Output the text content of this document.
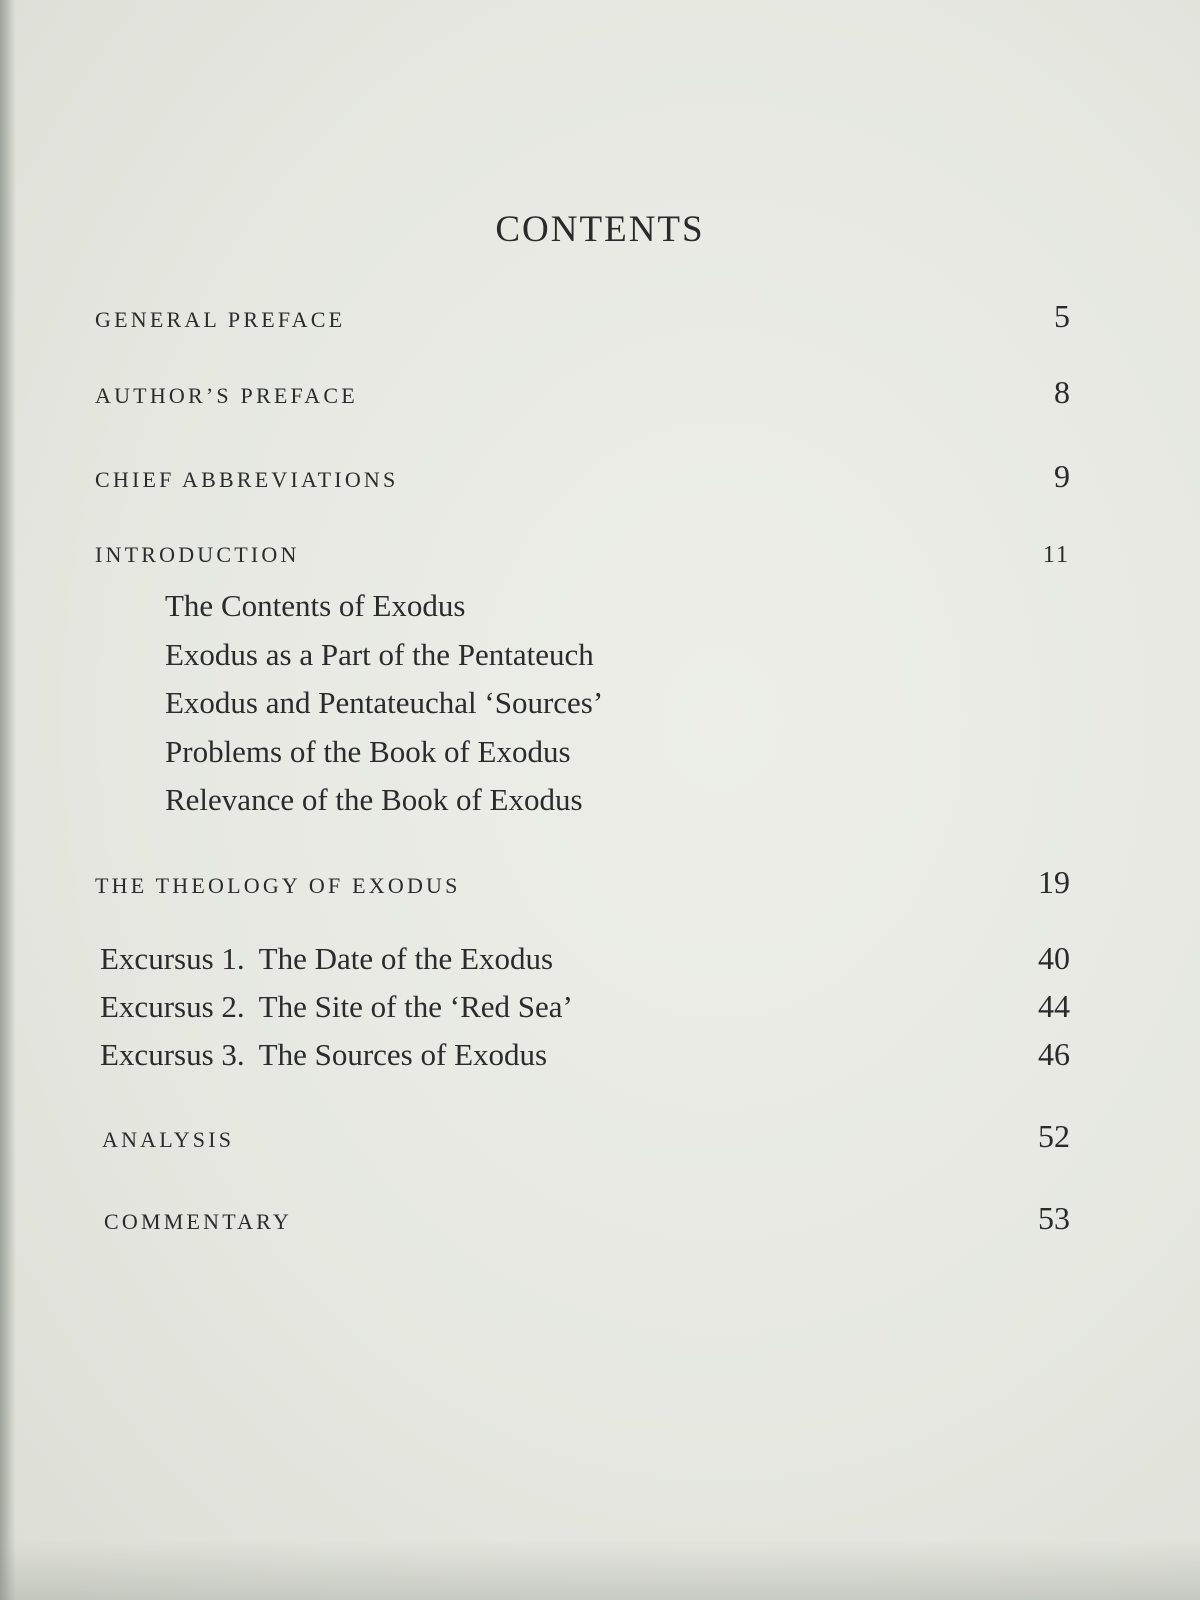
CONTENTS
GENERAL PREFACE	5
AUTHOR’S PREFACE	8
CHIEF ABBREVIATIONS	9
INTRODUCTION	11
The Contents of Exodus
Exodus as a Part of the Pentateuch
Exodus and Pentateuchal ‘Sources’
Problems of the Book of Exodus
Relevance of the Book of Exodus
THE THEOLOGY OF EXODUS	19
Excursus 1. The Date of the Exodus	40
Excursus 2. The Site of the ‘Red Sea’	44
Excursus 3. The Sources of Exodus	46
ANALYSIS	52
COMMENTARY	53
